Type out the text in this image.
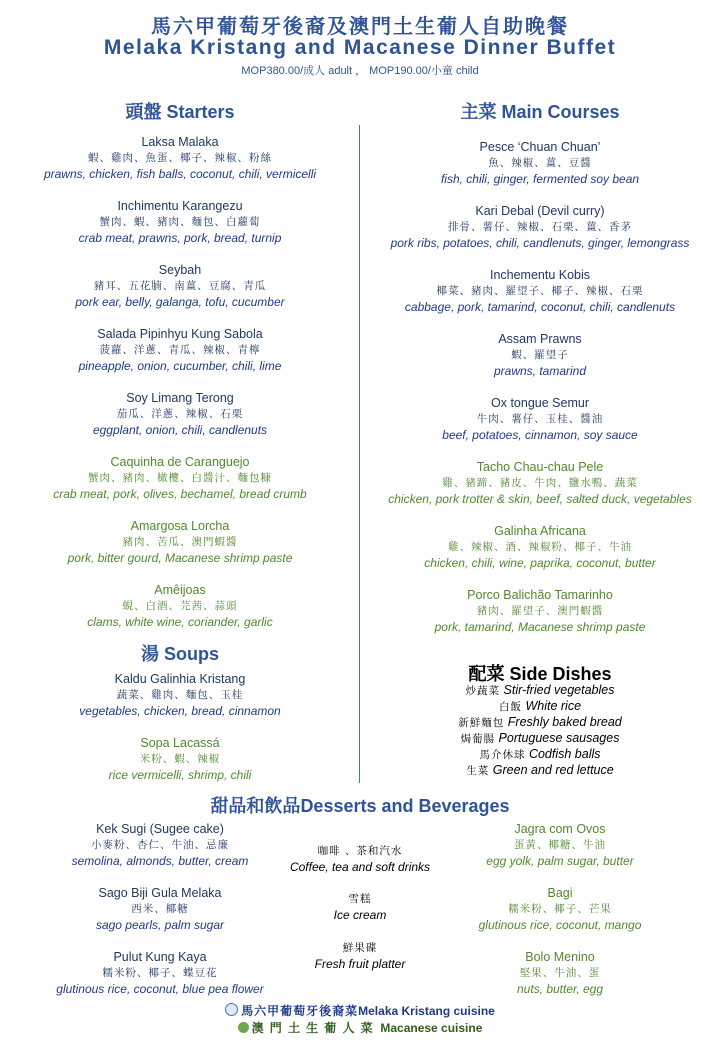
馬六甲葡萄牙後裔及澳門土生葡人自助晚餐
Melaka Kristang and Macanese Dinner Buffet
MOP380.00/成人 adult ， MOP190.00/小童 child
頭盤 Starters
Laksa Malaka
蝦、雞肉、魚蛋、椰子、辣椒、粉絲
prawns, chicken, fish balls, coconut, chili, vermicelli
Inchimentu Karangezu
蟹肉、蝦、豬肉、麵包、白蘿蔔
crab meat, prawns, pork, bread, turnip
Seybah
豬耳、五花腩、南薑、豆腐、青瓜
pork ear, belly, galanga, tofu, cucumber
Salada Pipinhyu Kung Sabola
菠蘿、洋蔥、青瓜、辣椒、青檸
pineapple, onion, cucumber, chili, lime
Soy Limang Terong
茄瓜、洋蔥、辣椒、石栗
eggplant, onion, chili, candlenuts
Caquinha de Caranguejo
蟹肉、豬肉、橄欖、白醬汁、麵包糠
crab meat, pork, olives, bechamel, bread crumb
Amargosa Lorcha
豬肉、苦瓜、澳門蝦醬
pork, bitter gourd, Macanese shrimp paste
Amêijoas
蜆、白酒、芫茜、蒜頭
clams, white wine, coriander, garlic
湯 Soups
Kaldu Galinhia Kristang
蔬菜、雞肉、麵包、玉桂
vegetables, chicken, bread, cinnamon
Sopa Lacassá
米粉、蝦、辣椒
rice vermicelli, shrimp, chili
主菜 Main Courses
Pesce ‘Chuan Chuan’
魚、辣椒、薑、豆醬
fish, chili, ginger, fermented soy bean
Kari Debal (Devil curry)
排骨、薯仔、辣椒、石栗、薑、香茅
pork ribs, potatoes, chili, candlenuts, ginger, lemongrass
Inchementu Kobis
椰菜、豬肉、羅望子、椰子、辣椒、石栗
cabbage, pork, tamarind, coconut, chili, candlenuts
Assam Prawns
蝦、羅望子
prawns, tamarind
Ox tongue Semur
牛肉、薯仔、玉桂、醬油
beef, potatoes, cinnamon, soy sauce
Tacho Chau-chau Pele
雞、豬蹄、豬皮、牛肉、鹽水鴨、蔬菜
chicken, pork trotter & skin, beef, salted duck, vegetables
Galinha Africana
雞、辣椒、酒、辣椒粉、椰子、牛油
chicken, chili, wine, paprika, coconut, butter
Porco Balichão Tamarinho
豬肉、羅望子、澳門蝦醬
pork, tamarind, Macanese shrimp paste
配菜 Side Dishes
炒蔬菜 Stir-fried vegetables
白飯 White rice
新鮮麵包 Freshly baked bread
焗葡腸 Portuguese sausages
馬介休球 Codfish balls
生菜 Green and red lettuce
甜品和飲品Desserts and Beverages
Kek Sugi (Sugee cake)
小麥粉、杏仁、牛油、忌廉
semolina, almonds, butter, cream
Sago Biji Gula Melaka
西米、椰糖
sago pearls, palm sugar
Pulut Kung Kaya
糯米粉、椰子、蝶豆花
glutinous rice, coconut, blue pea flower
咖啡 、茶和汽水
Coffee, tea and soft drinks
雪糕
Ice cream
鮮果碟
Fresh fruit platter
Jagra com Ovos
蛋黃、椰糖、牛油
egg yolk, palm sugar, butter
Bagi
糯米粉、椰子、芒果
glutinous rice, coconut, mango
Bolo Menino
堅果、牛油、蛋
nuts, butter, egg
馬六甲葡萄牙後裔菜Melaka Kristang cuisine
澳 門 土 生 葡 人 菜 Macanese cuisine
